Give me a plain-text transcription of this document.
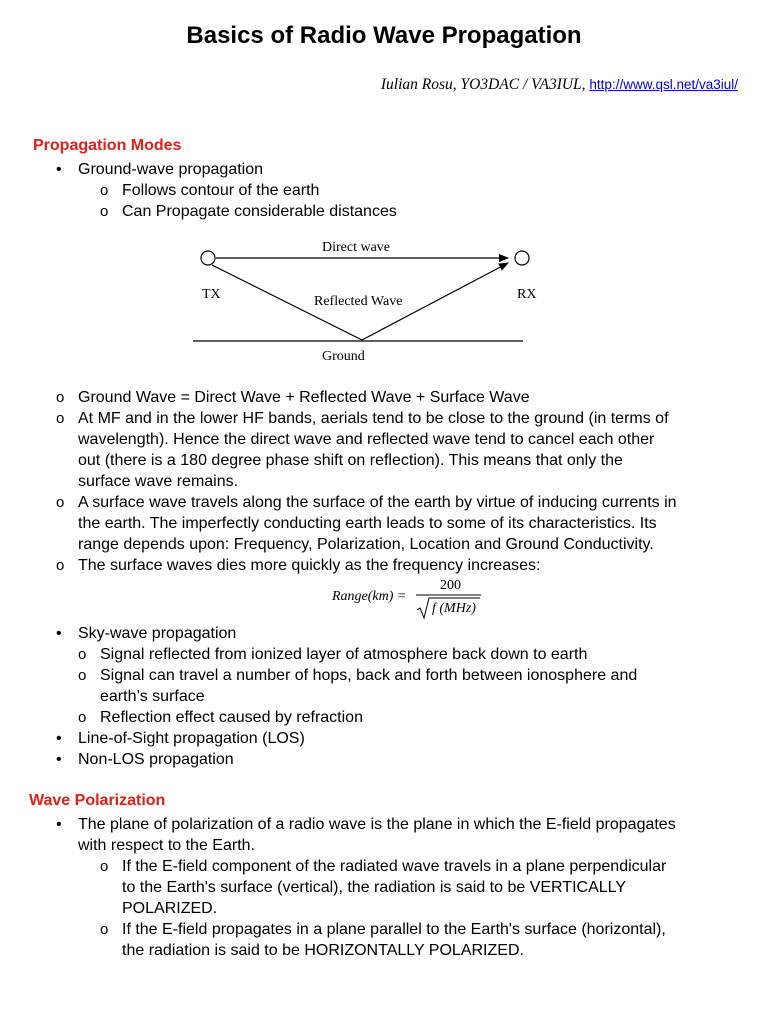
Basics of Radio Wave Propagation
Iulian Rosu, YO3DAC / VA3IUL, http://www.qsl.net/va3iul/
Propagation Modes
• Ground-wave propagation
o Follows contour of the earth
o Can Propagate considerable distances
Direct wave
TX	RX
Reflected Wave
Ground
o Ground Wave = Direct Wave + Reflected Wave + Surface Wave
o At MF and in the lower HF bands, aerials tend to be close to the ground (in terms of
wavelength). Hence the direct wave and reflected wave tend to cancel each other
out (there is a 180 degree phase shift on reflection). This means that only the
surface wave remains.
o A surface wave travels along the surface of the earth by virtue of inducing currents in
the earth. The imperfectly conducting earth leads to some of its characteristics. Its
range depends upon: Frequency, Polarization, Location and Ground Conductivity.
o The surface waves dies more quickly as the frequency increases:
Range(km) =
200
f (MHz)
• Sky-wave propagation
o Signal reflected from ionized layer of atmosphere back down to earth
o Signal can travel a number of hops, back and forth between ionosphere and
earth’s surface
o Reflection effect caused by refraction
• Line-of-Sight propagation (LOS)
• Non-LOS propagation
Wave Polarization
• The plane of polarization of a radio wave is the plane in which the E-field propagates
with respect to the Earth.
o If the E-field component of the radiated wave travels in a plane perpendicular
to the Earth's surface (vertical), the radiation is said to be VERTICALLY
POLARIZED.
o If the E-field propagates in a plane parallel to the Earth's surface (horizontal),
the radiation is said to be HORIZONTALLY POLARIZED.
